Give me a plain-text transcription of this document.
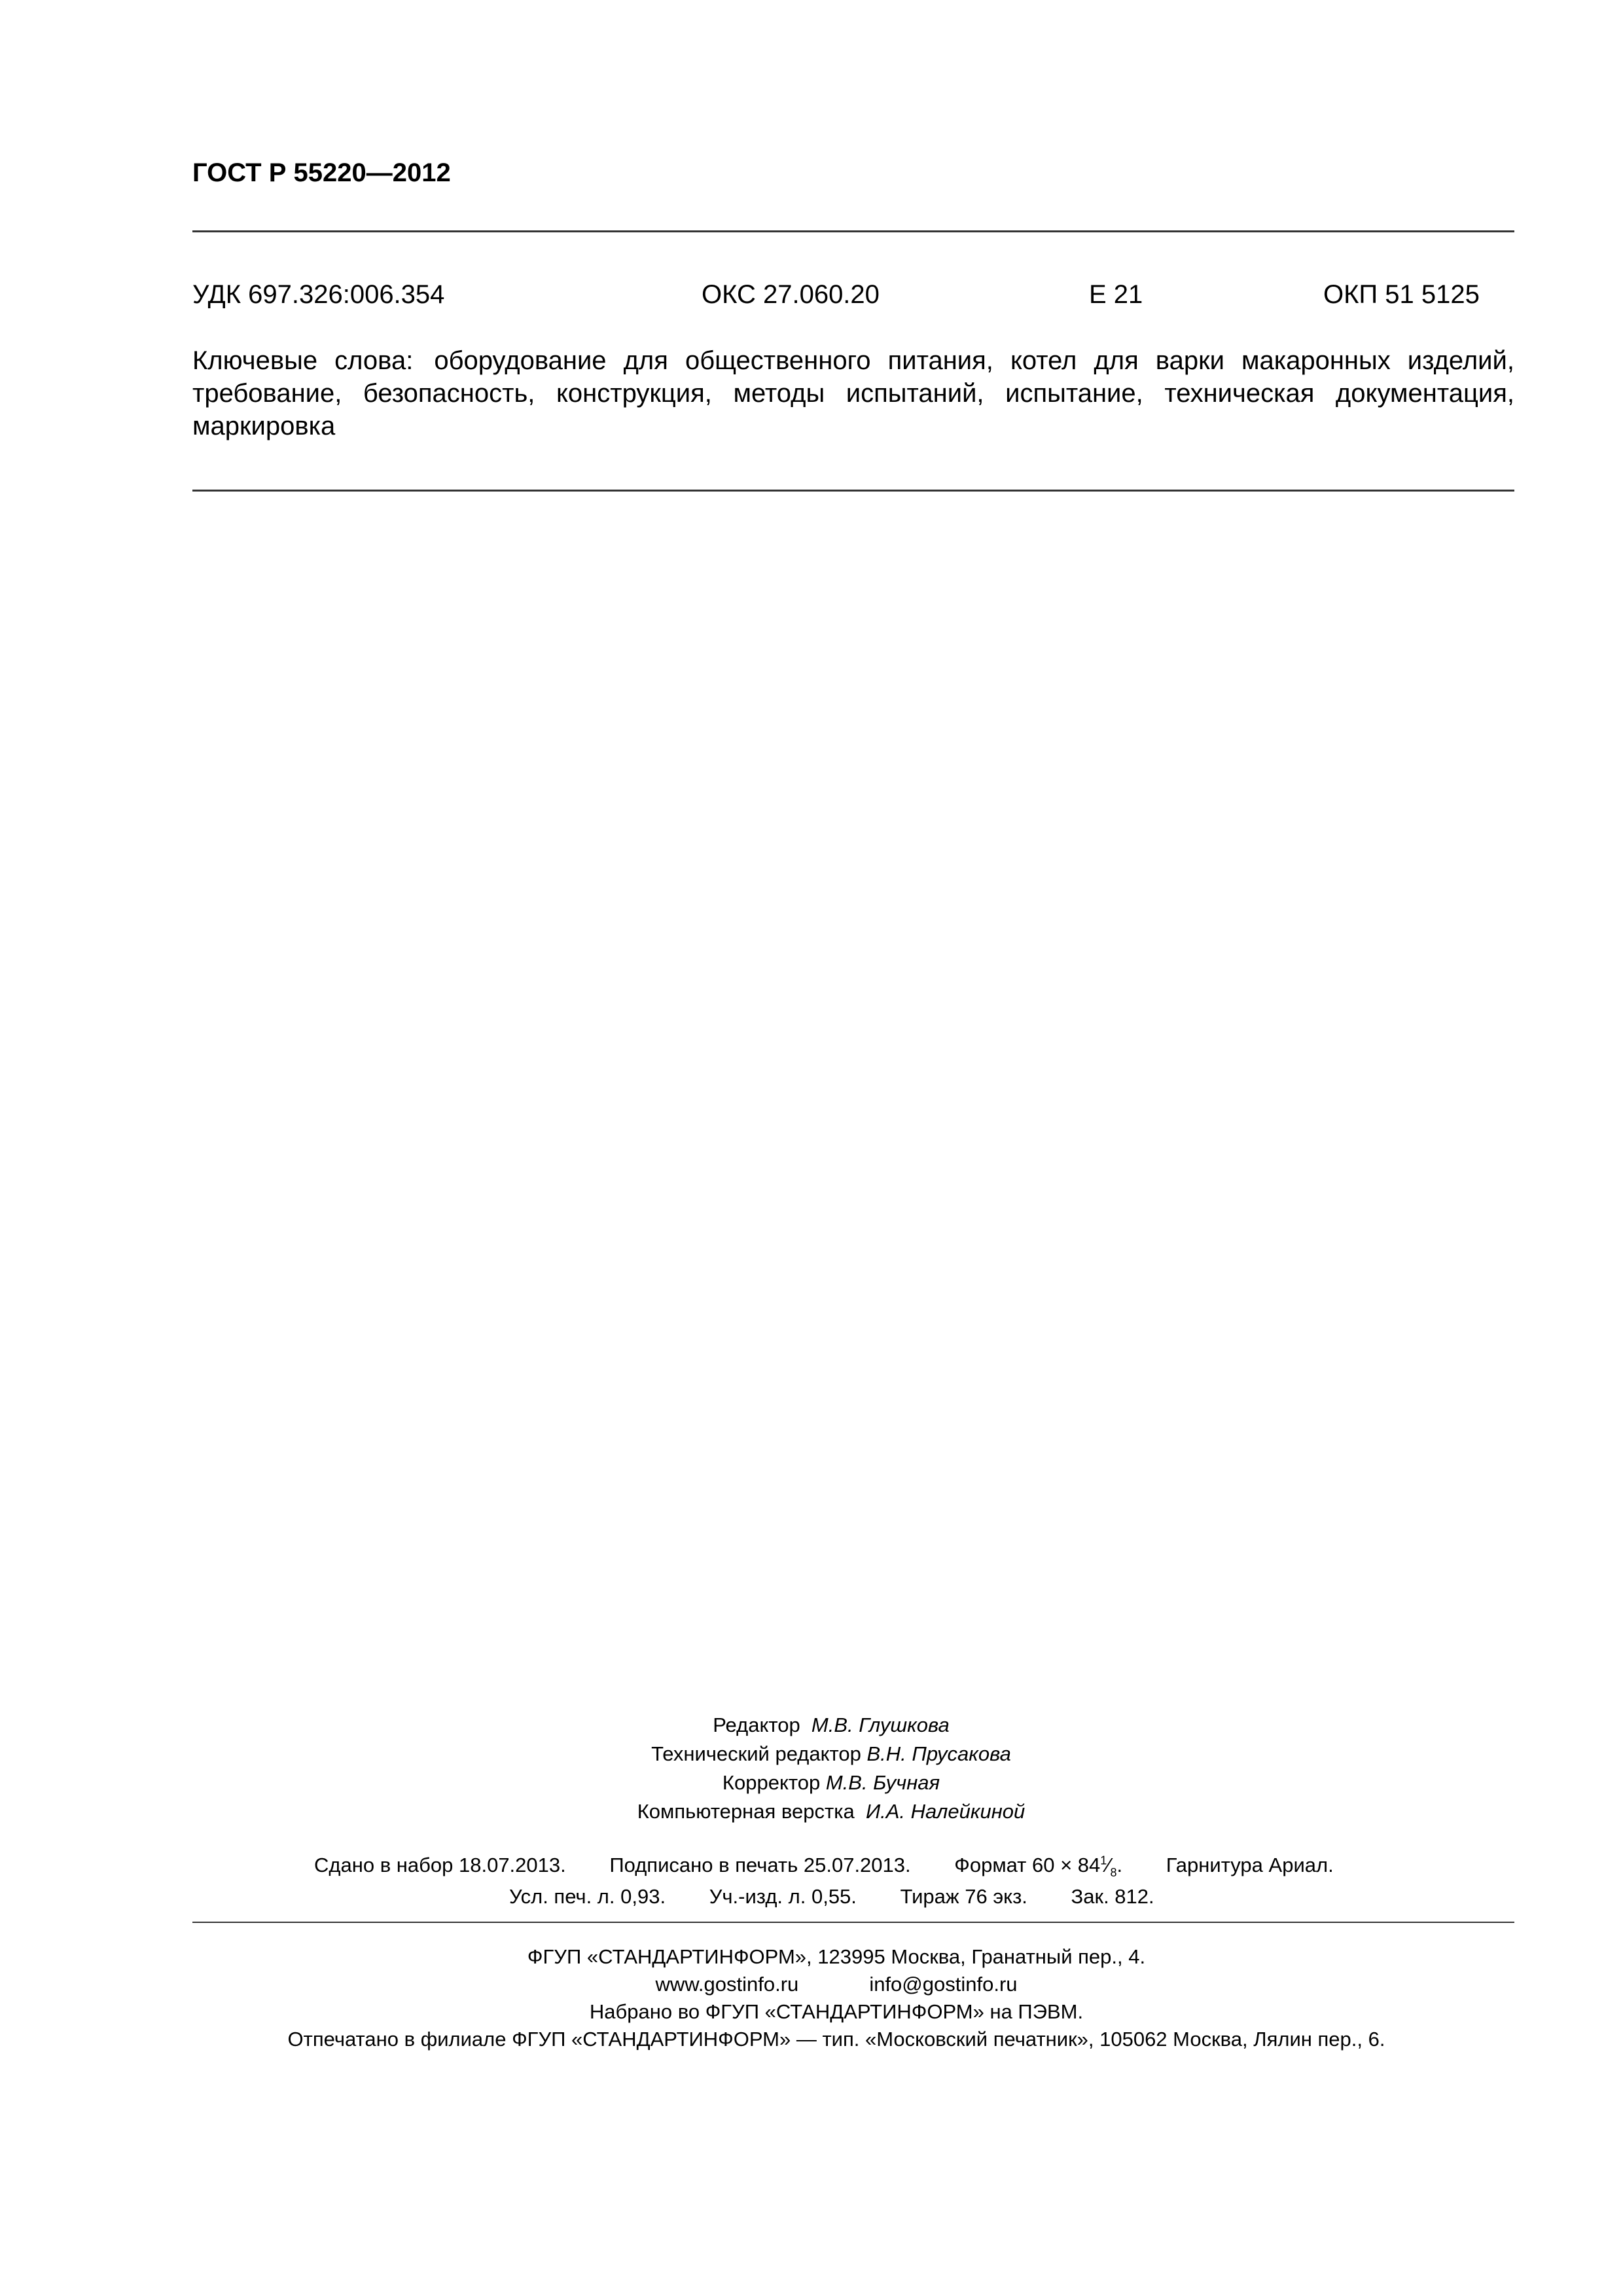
ГОСТ Р 55220—2012
УДК 697.326:006.354	ОКС 27.060.20	Е 21	ОКП 51 5125
Ключевые слова: оборудование для общественного питания, котел для варки макаронных изделий, требование, безопасность, конструкция, методы испытаний, испытание, техническая документация, маркировка
Редактор М.В. Глушкова
Технический редактор В.Н. Прусакова
Корректор М.В. Бучная
Компьютерная верстка И.А. Налейкиной
Сдано в набор 18.07.2013. Подписано в печать 25.07.2013. Формат $60 \times 84^1⁄_8$. Гарнитура Ариал.
Усл. печ. л. 0,93. Уч.-изд. л. 0,55. Тираж 76 экз. Зак. 812.
ФГУП «СТАНДАРТИНФОРМ», 123995 Москва, Гранатный пер., 4.
www.gostinfo.ru	info@gostinfo.ru
Набрано во ФГУП «СТАНДАРТИНФОРМ» на ПЭВМ.
Отпечатано в филиале ФГУП «СТАНДАРТИНФОРМ» — тип. «Московский печатник», 105062 Москва, Лялин пер., 6.
